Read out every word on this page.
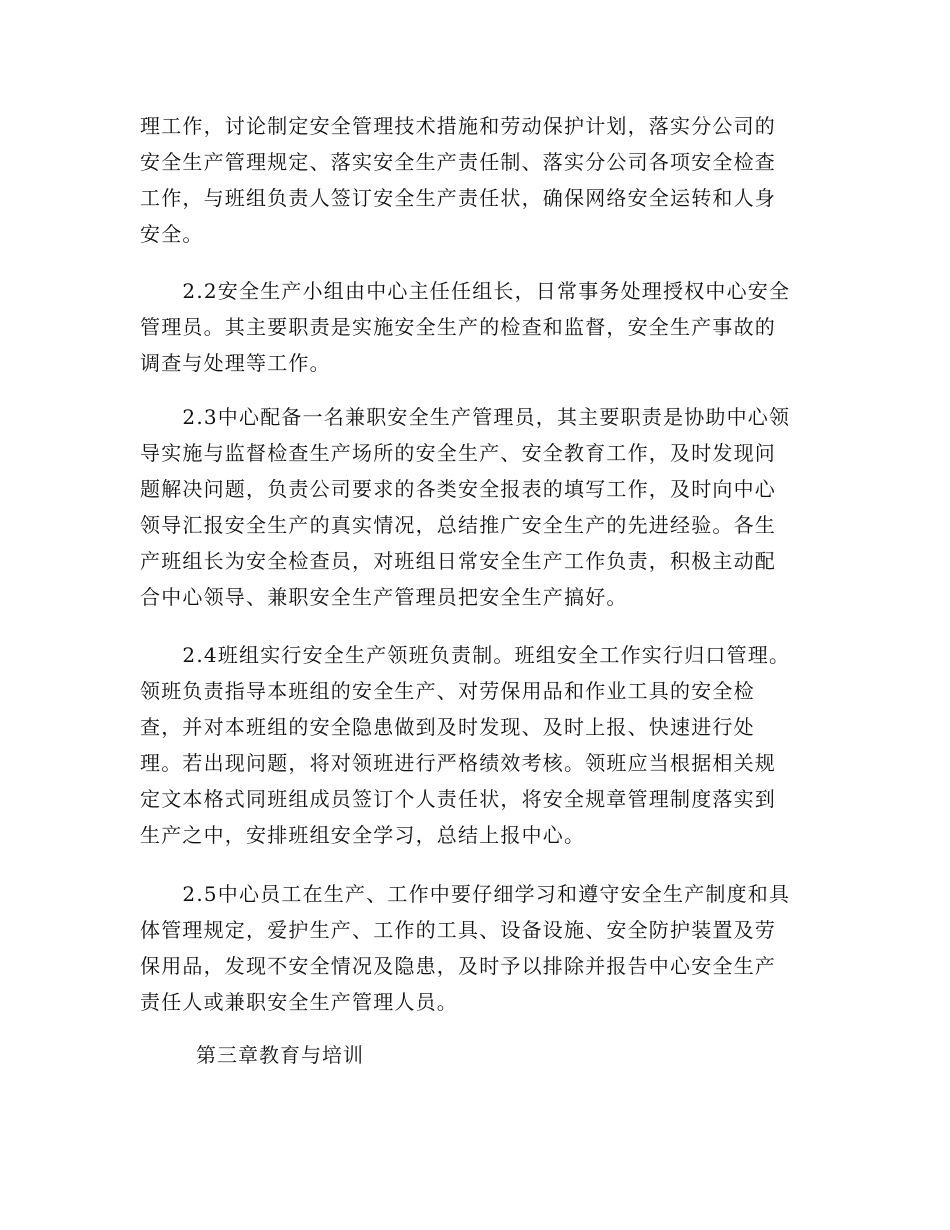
理工作，讨论制定安全管理技术措施和劳动保护计划，落实分公司的
安全生产管理规定、落实安全生产责任制、落实分公司各项安全检查
工作，与班组负责人签订安全生产责任状，确保网络安全运转和人身
安全。
　　2.2安全生产小组由中心主任任组长，日常事务处理授权中心安全
管理员。其主要职责是实施安全生产的检查和监督，安全生产事故的
调查与处理等工作。
　　2.3中心配备一名兼职安全生产管理员，其主要职责是协助中心领
导实施与监督检查生产场所的安全生产、安全教育工作，及时发现问
题解决问题，负责公司要求的各类安全报表的填写工作，及时向中心
领导汇报安全生产的真实情况，总结推广安全生产的先进经验。各生
产班组长为安全检查员，对班组日常安全生产工作负责，积极主动配
合中心领导、兼职安全生产管理员把安全生产搞好。
　　2.4班组实行安全生产领班负责制。班组安全工作实行归口管理。
领班负责指导本班组的安全生产、对劳保用品和作业工具的安全检
查，并对本班组的安全隐患做到及时发现、及时上报、快速进行处
理。若出现问题，将对领班进行严格绩效考核。领班应当根据相关规
定文本格式同班组成员签订个人责任状，将安全规章管理制度落实到
生产之中，安排班组安全学习，总结上报中心。
　　2.5中心员工在生产、工作中要仔细学习和遵守安全生产制度和具
体管理规定，爱护生产、工作的工具、设备设施、安全防护装置及劳
保用品，发现不安全情况及隐患，及时予以排除并报告中心安全生产
责任人或兼职安全生产管理人员。
第三章教育与培训
